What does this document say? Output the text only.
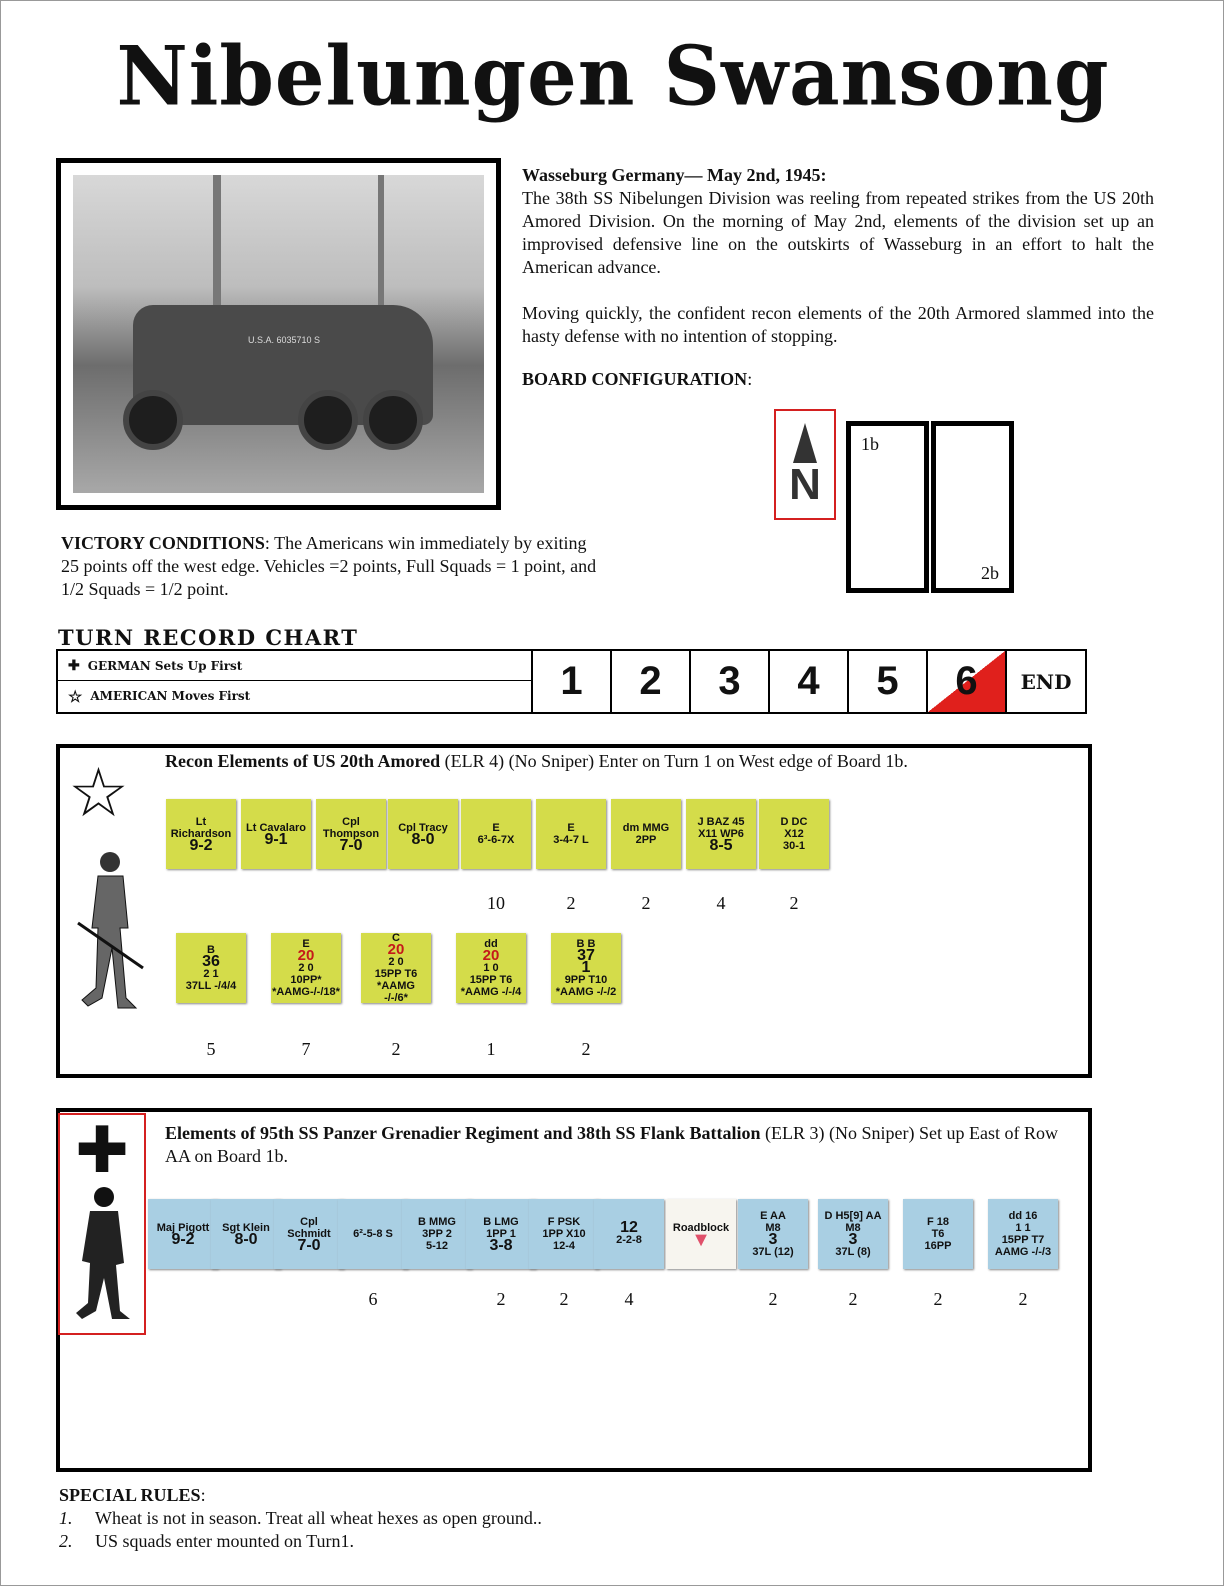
Nibelungen Swansong
U.S.A. 6035710 S

Wasseburg Germany— May 2nd, 1945:
The 38th SS Nibelungen Division was reeling from repeated strikes from the US 20th Amored Division. On the morning of May 2nd, elements of the division set up an improvised defensive line on the outskirts of Wasseburg in an effort to halt the American advance.

Moving quickly, the confident recon elements of the 20th Armored slammed into the hasty defense with no intention of stopping.

BOARD CONFIGURATION:
N
1b
2b
VICTORY CONDITIONS: The Americans win immediately by exiting 25 points off the west edge. Vehicles =2 points, Full Squads = 1 point, and 1/2 Squads = 1/2 point.
TURN RECORD CHART
✚ GERMAN Sets Up First
☆ AMERICAN Moves First	1	2	3	4	5	6	END
Recon Elements of US 20th Amored (ELR 4) (No Sniper) Enter on Turn 1 on West edge of Board 1b.
☆	Lt Richardson
9-2
Lt Cavalaro
9-1
Cpl Thompson
7-0
Cpl Tracy
8-0
E
6³-6-7X
10
E
3-4-7 L
2
dm MMG
2PP
2
J BAZ 45
X11 WP6
8-5
4
D DC
X12
30-1
2
B
36
2 1
37LL -/4/4
5
E
20
2 0
10PP* *AAMG-/-/18*
7
C
20
2 0
15PP T6 *AAMG -/-/6*
2
dd
20
1 0
15PP T6 *AAMG -/-/4
1
B B
37
1
9PP T10 *AAMG -/-/2
2
Elements of 95th SS Panzer Grenadier Regiment and 38th SS Flank Battalion (ELR 3) (No Sniper) Set up East of Row AA on Board 1b.
✚
Maj Pigott
9-2
Sgt Klein
8-0
Cpl Schmidt
7-0
6²-5-8 S
6
B MMG
3PP 2
5-12
B LMG
1PP 1
3-8
2
F PSK
1PP X10
12-4
2
12
2-2-8
4
Roadblock
▼
E AA
M8
3
37L (12)
2
D H5[9] AA
M8
3
37L (8)
2
F 18
T6
16PP
2
dd 16
1 1
15PP T7
AAMG -/-/3
2
SPECIAL RULES:
1. Wheat is not in season. Treat all wheat hexes as open ground..
2. US squads enter mounted on Turn1.
